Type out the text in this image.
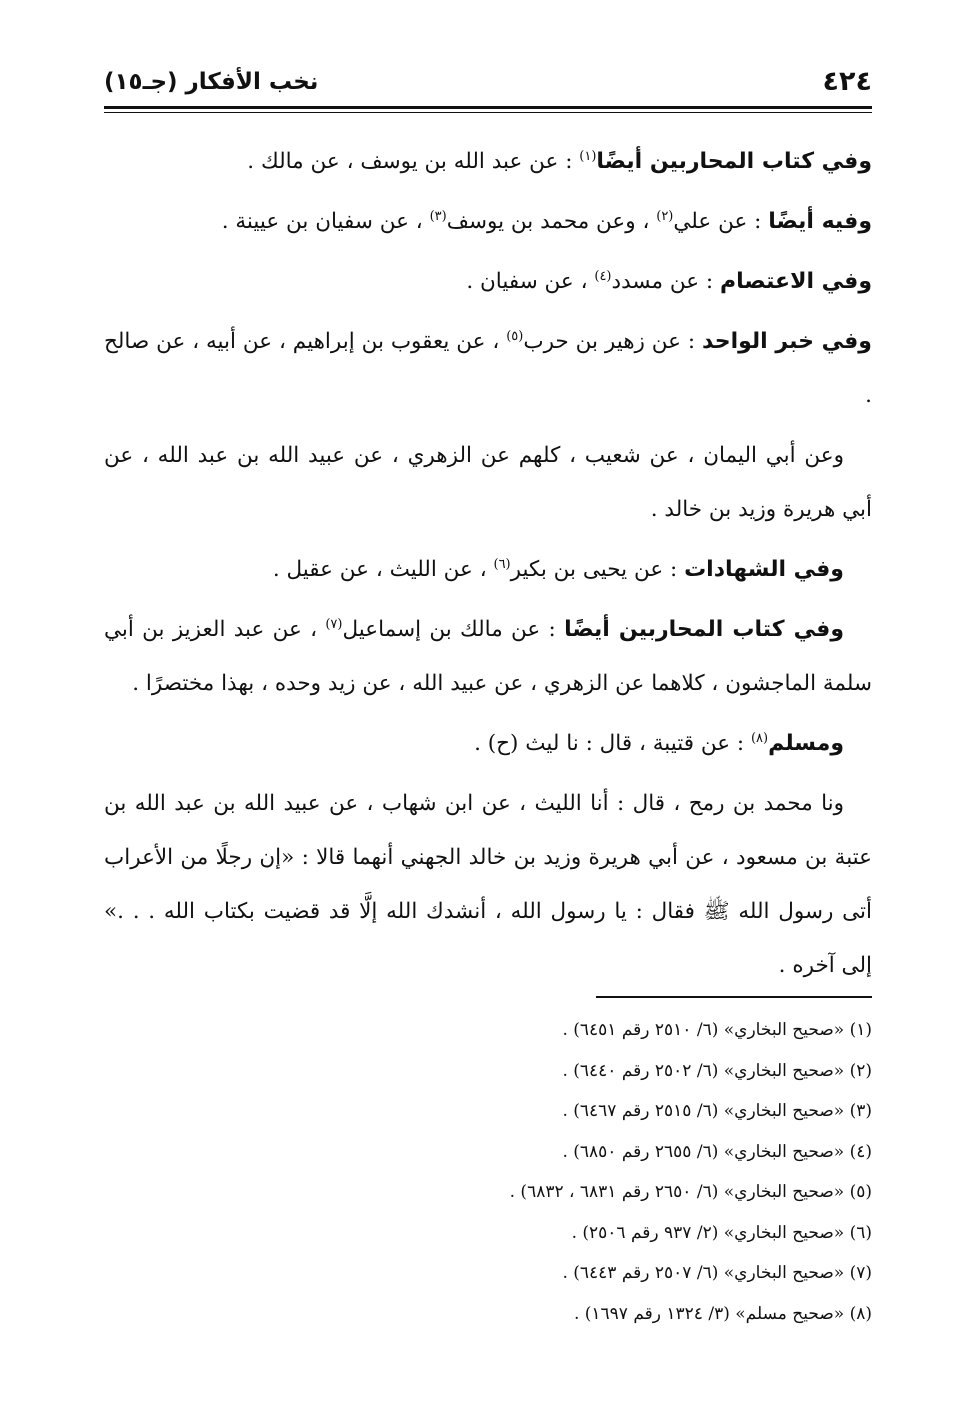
٤٢٤
نخب الأفكار (جـ١٥)

وفي كتاب المحاربين أيضًا$^{(١)}$ : عن عبد الله بن يوسف ، عن مالك .

وفيه أيضًا : عن علي$^{(٢)}$ ، وعن محمد بن يوسف$^{(٣)}$ ، عن سفيان بن عيينة .

وفي الاعتصام : عن مسدد$^{(٤)}$ ، عن سفيان .

وفي خبر الواحد : عن زهير بن حرب$^{(٥)}$ ، عن يعقوب بن إبراهيم ، عن أبيه ، عن صالح .

وعن أبي اليمان ، عن شعيب ، كلهم عن الزهري ، عن عبيد الله بن عبد الله ، عن أبي هريرة وزيد بن خالد .

وفي الشهادات : عن يحيى بن بكير$^{(٦)}$ ، عن الليث ، عن عقيل .

وفي كتاب المحاربين أيضًا : عن مالك بن إسماعيل$^{(٧)}$ ، عن عبد العزيز بن أبي سلمة الماجشون ، كلاهما عن الزهري ، عن عبيد الله ، عن زيد وحده ، بهذا مختصرًا .

ومسلم$^{(٨)}$ : عن قتيبة ، قال : نا ليث (ح) .

ونا محمد بن رمح ، قال : أنا الليث ، عن ابن شهاب ، عن عبيد الله بن عبد الله بن عتبة بن مسعود ، عن أبي هريرة وزيد بن خالد الجهني أنهما قالا : «إن رجلًا من الأعراب أتى رسول الله ﷺ فقال : يا رسول الله ، أنشدك الله إلَّا قد قضيت بكتاب الله . . .» إلى آخره .

(١) «صحيح البخاري» (٦/ ٢٥١٠ رقم ٦٤٥١) .

(٢) «صحيح البخاري» (٦/ ٢٥٠٢ رقم ٦٤٤٠) .

(٣) «صحيح البخاري» (٦/ ٢٥١٥ رقم ٦٤٦٧) .

(٤) «صحيح البخاري» (٦/ ٢٦٥٥ رقم ٦٨٥٠) .

(٥) «صحيح البخاري» (٦/ ٢٦٥٠ رقم ٦٨٣١ ، ٦٨٣٢) .

(٦) «صحيح البخاري» (٢/ ٩٣٧ رقم ٢٥٠٦) .

(٧) «صحيح البخاري» (٦/ ٢٥٠٧ رقم ٦٤٤٣) .

(٨) «صحيح مسلم» (٣/ ١٣٢٤ رقم ١٦٩٧) .
